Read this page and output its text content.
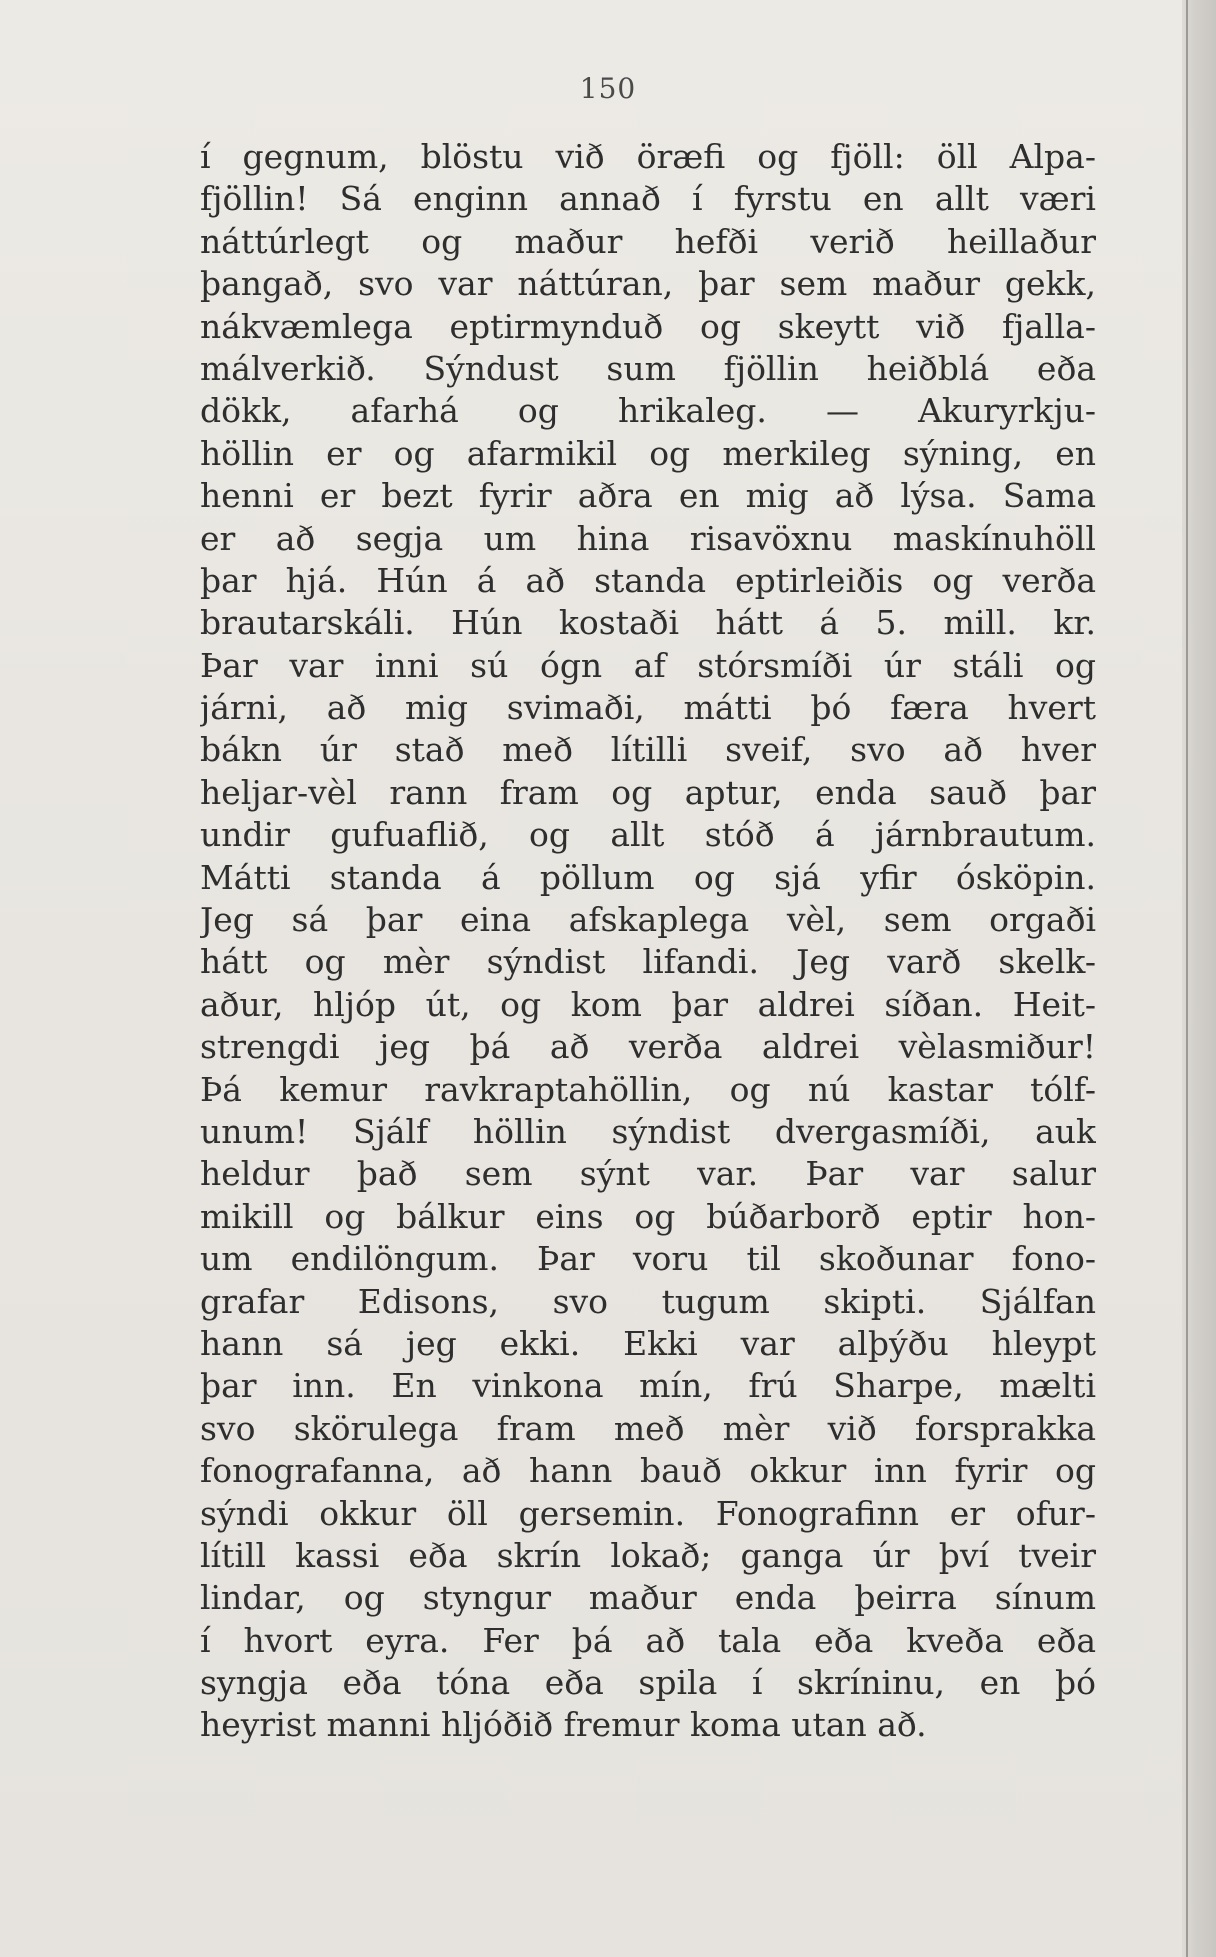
150
í gegnum, blöstu við öræfi og fjöll: öll Alpa-
fjöllin! Sá enginn annað í fyrstu en allt væri
náttúrlegt og maður hefði verið heillaður
þangað, svo var náttúran, þar sem maður gekk,
nákvæmlega eptirmynduð og skeytt við fjalla-
málverkið. Sýndust sum fjöllin heiðblá eða
dökk, afarhá og hrikaleg. — Akuryrkju-
höllin er og afarmikil og merkileg sýning, en
henni er bezt fyrir aðra en mig að lýsa. Sama
er að segja um hina risavöxnu maskínuhöll
þar hjá. Hún á að standa eptirleiðis og verða
brautarskáli. Hún kostaði hátt á 5. mill. kr.
Þar var inni sú ógn af stórsmíði úr stáli og
járni, að mig svimaði, mátti þó færa hvert
bákn úr stað með lítilli sveif, svo að hver
heljar-vèl rann fram og aptur, enda sauð þar
undir gufuaflið, og allt stóð á járnbrautum.
Mátti standa á pöllum og sjá yfir ósköpin.
Jeg sá þar eina afskaplega vèl, sem orgaði
hátt og mèr sýndist lifandi. Jeg varð skelk-
aður, hljóp út, og kom þar aldrei síðan. Heit-
strengdi jeg þá að verða aldrei vèlasmiður!
Þá kemur ravkraptahöllin, og nú kastar tólf-
unum! Sjálf höllin sýndist dvergasmíði, auk
heldur það sem sýnt var. Þar var salur
mikill og bálkur eins og búðarborð eptir hon-
um endilöngum. Þar voru til skoðunar fono-
grafar Edisons, svo tugum skipti. Sjálfan
hann sá jeg ekki. Ekki var alþýðu hleypt
þar inn. En vinkona mín, frú Sharpe, mælti
svo skörulega fram með mèr við forsprakka
fonografanna, að hann bauð okkur inn fyrir og
sýndi okkur öll gersemin. Fonografinn er ofur-
lítill kassi eða skrín lokað; ganga úr því tveir
lindar, og styngur maður enda þeirra sínum
í hvort eyra. Fer þá að tala eða kveða eða
syngja eða tóna eða spila í skríninu, en þó
heyrist manni hljóðið fremur koma utan að.
